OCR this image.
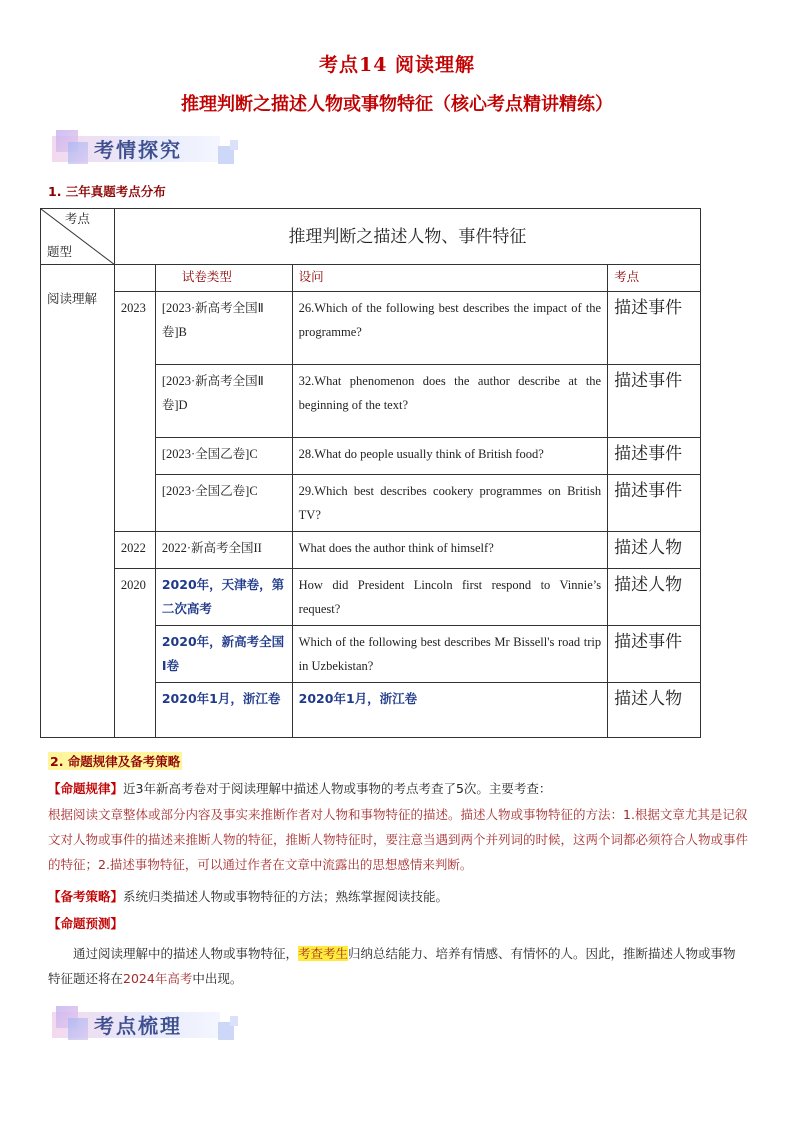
考点14 阅读理解
推理判断之描述人物或事物特征（核心考点精讲精练）
考情探究
1. 三年真题考点分布
考点
题型	推理判断之描述人物、事件特征			
阅读理解		试卷类型	设问	考点
	2023	[2023·新高考全国Ⅱ卷]B	26.Which of the following best describes the impact of the programme?	描述事件
		[2023·新高考全国Ⅱ卷]D	32.What phenomenon does the author describe at the beginning of the text?	描述事件
		[2023·全国乙卷]C	28.What do people usually think of British food?	描述事件
		[2023·全国乙卷]C	29.Which best describes cookery programmes on British TV?	描述事件
	2022	2022·新高考全国II	What does the author think of himself?	描述人物
	2020	2020年，天津卷，第二次高考	How did President Lincoln first respond to Vinnie’s request?	描述人物
		2020年，新高考全国Ⅰ卷	Which of the following best describes Mr Bissell's road trip in Uzbekistan?	描述事件
		2020年1月，浙江卷	2020年1月，浙江卷	描述人物
2. 命题规律及备考策略
【命题规律】近3年新高考卷对于阅读理解中描述人物或事物的考点考查了5次。主要考查：
根据阅读文章整体或部分内容及事实来推断作者对人物和事物特征的描述。描述人物或事物特征的方法：1.根据文章尤其是记叙文对人物或事件的描述来推断人物的特征，推断人物特征时，要注意当遇到两个并列词的时候，这两个词都必须符合人物或事件的特征；2.描述事物特征，可以通过作者在文章中流露出的思想感情来判断。
【备考策略】系统归类描述人物或事物特征的方法；熟练掌握阅读技能。
【命题预测】
通过阅读理解中的描述人物或事物特征，考查考生归纳总结能力、培养有情感、有情怀的人。因此，推断描述人物或事物特征题还将在2024年高考中出现。
考点梳理
